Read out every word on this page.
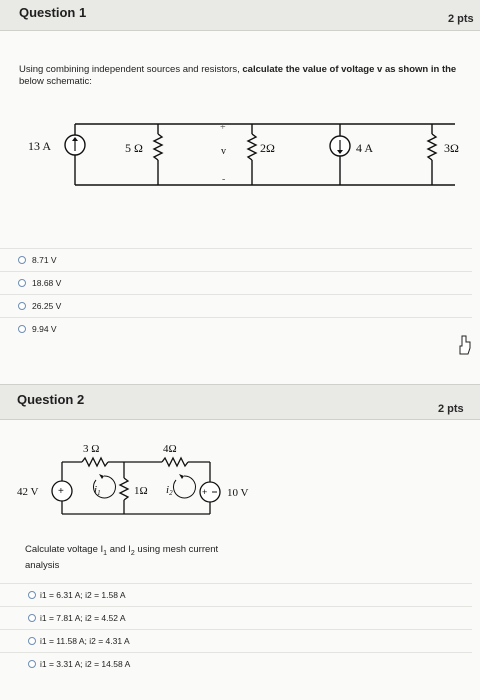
Question 1	2 pts
Using combining independent sources and resistors, calculate the value of voltage v as shown in the
below schematic:
13 A	5 Ω
+
v
-
2Ω	4 A	3Ω
8.71 V
18.68 V
26.25 V
9.94 V
Question 2
2 pts
+	+
42 V
3 Ω	4Ω
1Ω
i1	i2	10 V
Calculate voltage $I_1$ and $I_2$ using mesh current
analysis
i1 = 6.31 A; i2 = 1.58 A
i1 = 7.81 A; i2 = 4.52 A
i1 = 11.58 A; i2 = 4.31 A
i1 = 3.31 A; i2 = 14.58 A
